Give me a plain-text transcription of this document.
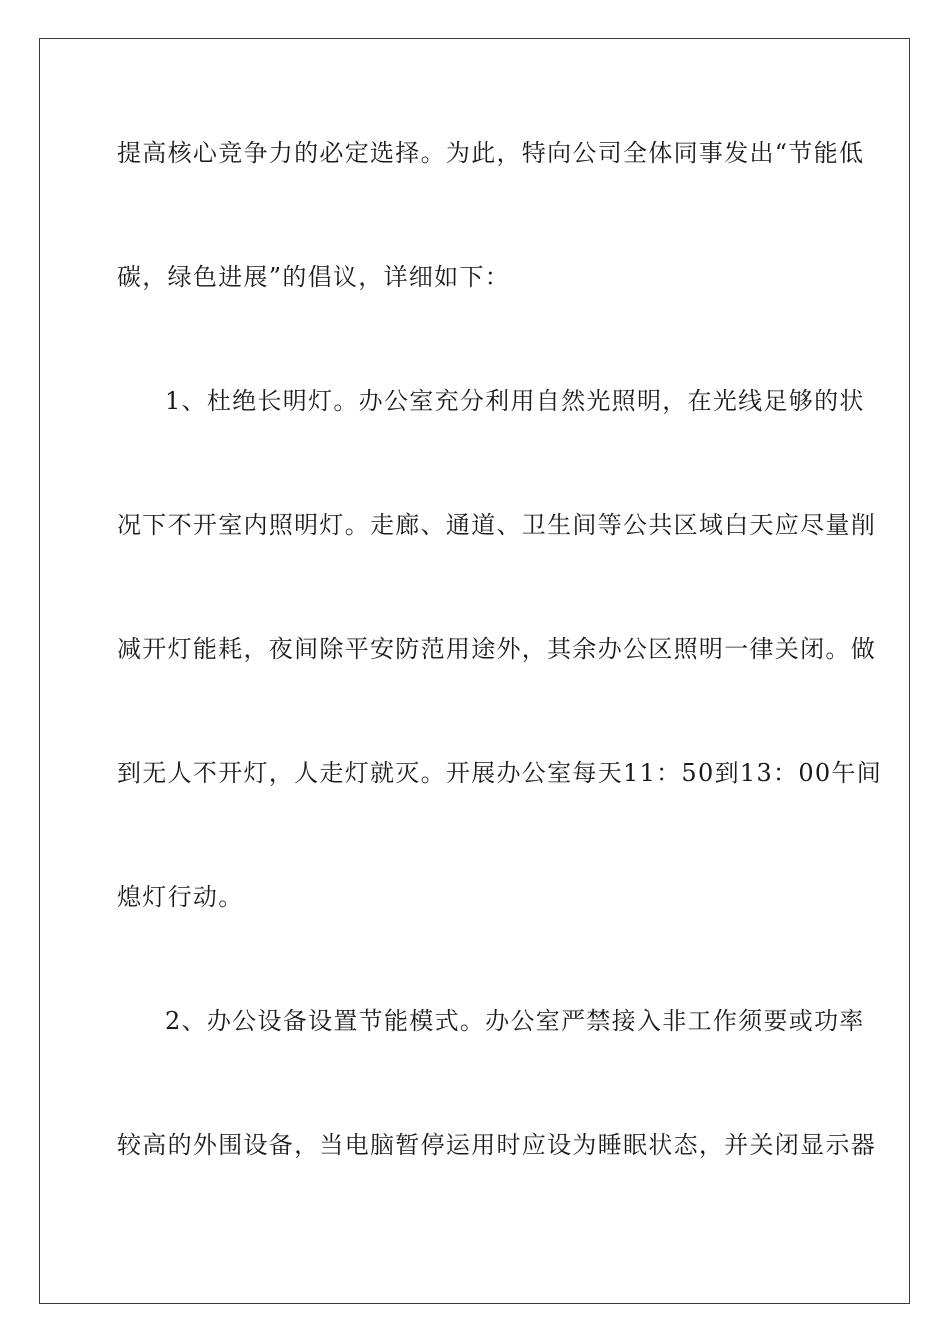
提高核心竞争力的必定选择。为此，特向公司全体同事发出“节能低
碳，绿色进展”的倡议，详细如下：
1、杜绝长明灯。办公室充分利用自然光照明，在光线足够的状
况下不开室内照明灯。走廊、通道、卫生间等公共区域白天应尽量削
减开灯能耗，夜间除平安防范用途外，其余办公区照明一律关闭。做
到无人不开灯，人走灯就灭。开展办公室每天11：50到13：00午间
熄灯行动。
2、办公设备设置节能模式。办公室严禁接入非工作须要或功率
较高的外围设备，当电脑暂停运用时应设为睡眠状态，并关闭显示器
